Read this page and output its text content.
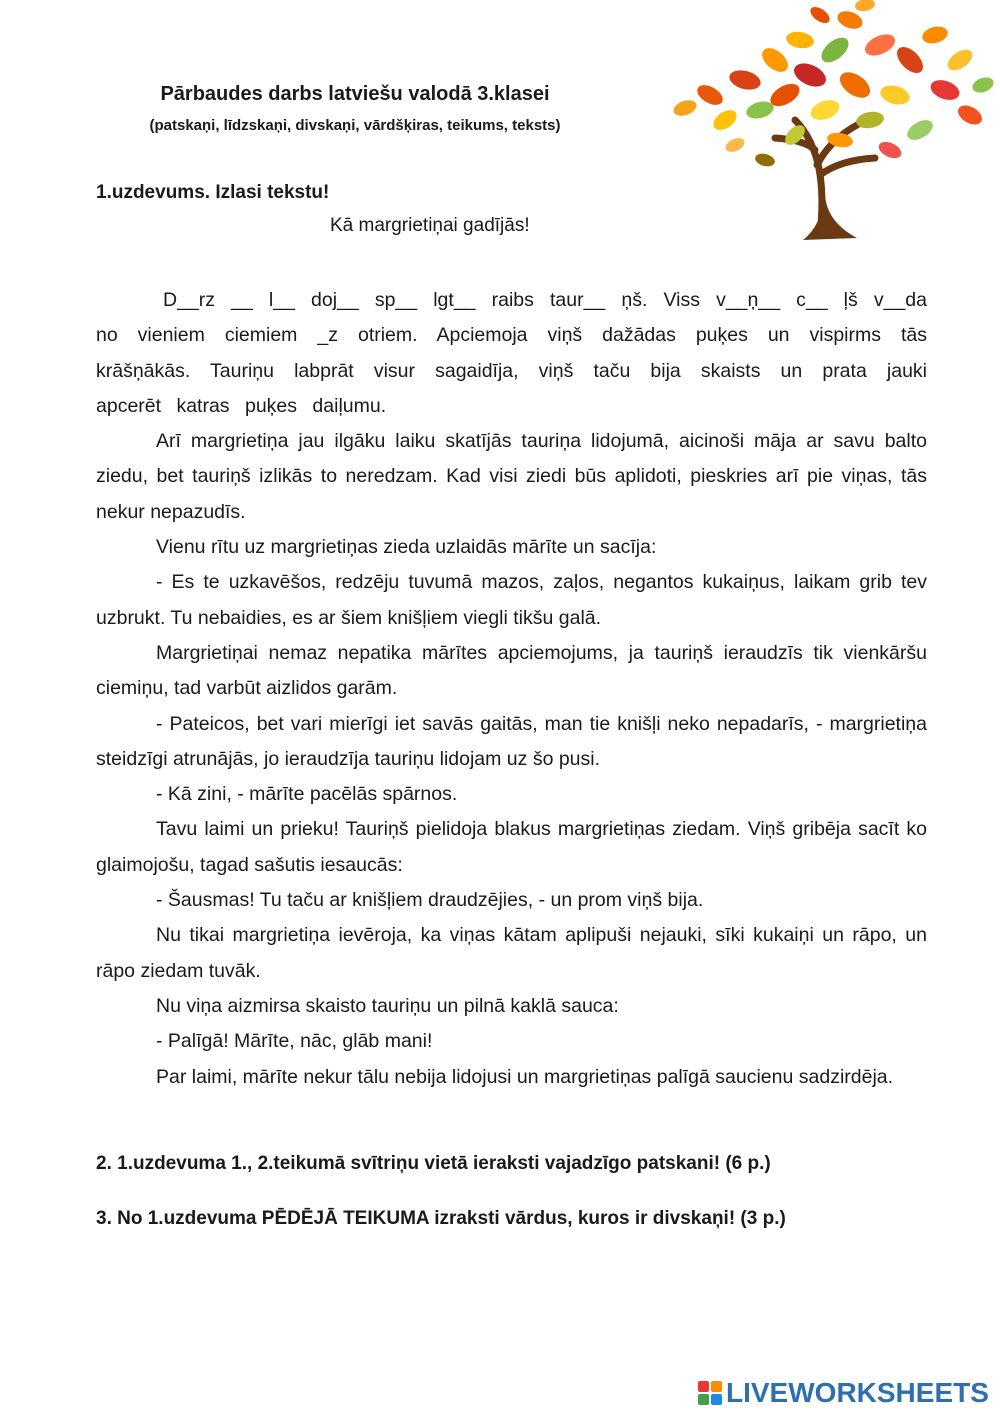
Pārbaudes darbs latviešu valodā 3.klasei
(patskaņi, līdzskaņi, divskaņi, vārdšķiras, teikums, teksts)
1.uzdevums. Izlasi tekstu!
Kā margrietiņai gadījās!

D__rz __ l__ doj__ sp__ lgt__ raibs taur__ ņš. Viss v__ņ__ c__ ļš v__da no vieniem ciemiem _z otriem. Apciemoja viņš dažādas puķes un vispirms tās krāšņākās. Tauriņu labprāt visur sagaidīja, viņš taču bija skaists un prata jauki apcerēt katras puķes daiļumu.

Arī margrietiņa jau ilgāku laiku skatījās tauriņa lidojumā, aicinoši māja ar savu balto ziedu, bet tauriņš izlikās to neredzam. Kad visi ziedi būs aplidoti, pieskries arī pie viņas, tās nekur nepazudīs.

Vienu rītu uz margrietiņas zieda uzlaidās mārīte un sacīja:

- Es te uzkavēšos, redzēju tuvumā mazos, zaļos, negantos kukaiņus, laikam grib tev uzbrukt. Tu nebaidies, es ar šiem knišļiem viegli tikšu galā.

Margrietiņai nemaz nepatika mārītes apciemojums, ja tauriņš ieraudzīs tik vienkāršu ciemiņu, tad varbūt aizlidos garām.

- Pateicos, bet vari mierīgi iet savās gaitās, man tie knišļi neko nepadarīs, - margrietiņa steidzīgi atrunājās, jo ieraudzīja tauriņu lidojam uz šo pusi.

- Kā zini, - mārīte pacēlās spārnos.

Tavu laimi un prieku! Tauriņš pielidoja blakus margrietiņas ziedam. Viņš gribēja sacīt ko glaimojošu, tagad sašutis iesaucās:

- Šausmas! Tu taču ar knišļiem draudzējies, - un prom viņš bija.

Nu tikai margrietiņa ievēroja, ka viņas kātam aplipuši nejauki, sīki kukaiņi un rāpo, un rāpo ziedam tuvāk.

Nu viņa aizmirsa skaisto tauriņu un pilnā kaklā sauca:

- Palīgā! Mārīte, nāc, glāb mani!

Par laimi, mārīte nekur tālu nebija lidojusi un margrietiņas palīgā saucienu sadzirdēja.

2. 1.uzdevuma 1., 2.teikumā svītriņu vietā ieraksti vajadzīgo patskani! (6 p.)
3. No 1.uzdevuma PĒDĒJĀ TEIKUMA izraksti vārdus, kuros ir divskaņi! (3 p.)
LIVEWORKSHEETS
